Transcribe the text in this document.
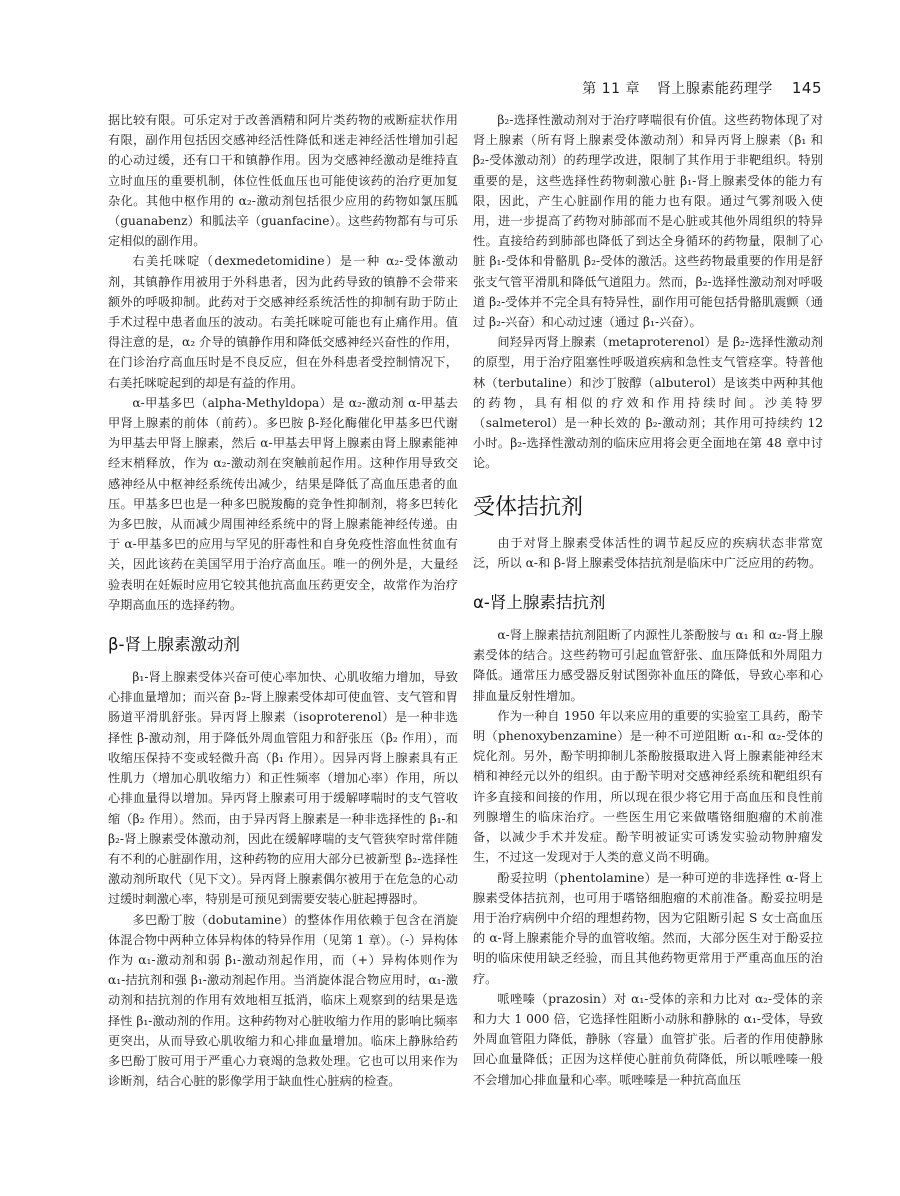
第 11 章 肾上腺素能药理学 145

据比较有限。可乐定对于改善酒精和阿片类药物的戒断症状作用有限，副作用包括因交感神经活性降低和迷走神经活性增加引起的心动过缓，还有口干和镇静作用。因为交感神经激动是维持直立时血压的重要机制，体位性低血压也可能使该药的治疗更加复杂化。其他中枢作用的 α₂-激动剂包括很少应用的药物如氯压胍（guanabenz）和胍法辛（guanfacine）。这些药物都有与可乐定相似的副作用。

右美托咪啶（dexmedetomidine）是一种 α₂-受体激动剂，其镇静作用被用于外科患者，因为此药导致的镇静不会带来额外的呼吸抑制。此药对于交感神经系统活性的抑制有助于防止手术过程中患者血压的波动。右美托咪啶可能也有止痛作用。值得注意的是，α₂ 介导的镇静作用和降低交感神经兴奋性的作用，在门诊治疗高血压时是不良反应，但在外科患者受控制情况下，右美托咪啶起到的却是有益的作用。

α-甲基多巴（alpha-Methyldopa）是 α₂-激动剂 α-甲基去甲肾上腺素的前体（前药）。多巴胺 β-羟化酶催化甲基多巴代谢为甲基去甲肾上腺素，然后 α-甲基去甲肾上腺素由肾上腺素能神经末梢释放，作为 α₂-激动剂在突触前起作用。这种作用导致交感神经从中枢神经系统传出减少，结果是降低了高血压患者的血压。甲基多巴也是一种多巴脱羧酶的竞争性抑制剂，将多巴转化为多巴胺，从而减少周围神经系统中的肾上腺素能神经传递。由于 α-甲基多巴的应用与罕见的肝毒性和自身免疫性溶血性贫血有关，因此该药在美国罕用于治疗高血压。唯一的例外是，大量经验表明在妊娠时应用它较其他抗高血压药更安全，故常作为治疗孕期高血压的选择药物。

β-肾上腺素激动剂

β₁-肾上腺素受体兴奋可使心率加快、心肌收缩力增加，导致心排血量增加；而兴奋 β₂-肾上腺素受体却可使血管、支气管和胃肠道平滑肌舒张。异丙肾上腺素（isoproterenol）是一种非选择性 β-激动剂，用于降低外周血管阻力和舒张压（β₂ 作用），而收缩压保持不变或轻微升高（β₁ 作用）。因异丙肾上腺素具有正性肌力（增加心肌收缩力）和正性频率（增加心率）作用，所以心排血量得以增加。异丙肾上腺素可用于缓解哮喘时的支气管收缩（β₂ 作用）。然而，由于异丙肾上腺素是一种非选择性的 β₁-和 β₂-肾上腺素受体激动剂，因此在缓解哮喘的支气管狭窄时常伴随有不利的心脏副作用，这种药物的应用大部分已被新型 β₂-选择性激动剂所取代（见下文）。异丙肾上腺素偶尔被用于在危急的心动过缓时刺激心率，特别是可预见到需要安装心脏起搏器时。

多巴酚丁胺（dobutamine）的整体作用依赖于包含在消旋体混合物中两种立体异构体的特异作用（见第 1 章）。（-）异构体作为 α₁-激动剂和弱 β₁-激动剂起作用，而（+）异构体则作为 α₁-拮抗剂和强 β₁-激动剂起作用。当消旋体混合物应用时，α₁-激动剂和拮抗剂的作用有效地相互抵消，临床上观察到的结果是选择性 β₁-激动剂的作用。这种药物对心脏收缩力作用的影响比频率更突出，从而导致心肌收缩力和心排血量增加。临床上静脉给药多巴酚丁胺可用于严重心力衰竭的急救处理。它也可以用来作为诊断剂，结合心脏的影像学用于缺血性心脏病的检查。

β₂-选择性激动剂对于治疗哮喘很有价值。这些药物体现了对肾上腺素（所有肾上腺素受体激动剂）和异丙肾上腺素（β₁ 和 β₂-受体激动剂）的药理学改进，限制了其作用于非靶组织。特别重要的是，这些选择性药物刺激心脏 β₁-肾上腺素受体的能力有限，因此，产生心脏副作用的能力也有限。通过气雾剂吸入使用，进一步提高了药物对肺部而不是心脏或其他外周组织的特异性。直接给药到肺部也降低了到达全身循环的药物量，限制了心脏 β₁-受体和骨骼肌 β₂-受体的激活。这些药物最重要的作用是舒张支气管平滑肌和降低气道阻力。然而，β₂-选择性激动剂对呼吸道 β₂-受体并不完全具有特异性，副作用可能包括骨骼肌震颤（通过 β₂-兴奋）和心动过速（通过 β₁-兴奋）。

间羟异丙肾上腺素（metaproterenol）是 β₂-选择性激动剂的原型，用于治疗阻塞性呼吸道疾病和急性支气管痉挛。特普他林（terbutaline）和沙丁胺醇（albuterol）是该类中两种其他的药物，具有相似的疗效和作用持续时间。沙美特罗（salmeterol）是一种长效的 β₂-激动剂；其作用可持续约 12 小时。β₂-选择性激动剂的临床应用将会更全面地在第 48 章中讨论。

受体拮抗剂

由于对肾上腺素受体活性的调节起反应的疾病状态非常宽泛，所以 α-和 β-肾上腺素受体拮抗剂是临床中广泛应用的药物。

α-肾上腺素拮抗剂

α-肾上腺素拮抗剂阻断了内源性儿茶酚胺与 α₁ 和 α₂-肾上腺素受体的结合。这些药物可引起血管舒张、血压降低和外周阻力降低。通常压力感受器反射试图弥补血压的降低，导致心率和心排血量反射性增加。

作为一种自 1950 年以来应用的重要的实验室工具药，酚苄明（phenoxybenzamine）是一种不可逆阻断 α₁-和 α₂-受体的烷化剂。另外，酚苄明抑制儿茶酚胺摄取进入肾上腺素能神经末梢和神经元以外的组织。由于酚苄明对交感神经系统和靶组织有许多直接和间接的作用，所以现在很少将它用于高血压和良性前列腺增生的临床治疗。一些医生用它来做嗜铬细胞瘤的术前准备，以减少手术并发症。酚苄明被证实可诱发实验动物肿瘤发生，不过这一发现对于人类的意义尚不明确。

酚妥拉明（phentolamine）是一种可逆的非选择性 α-肾上腺素受体拮抗剂，也可用于嗜铬细胞瘤的术前准备。酚妥拉明是用于治疗病例中介绍的理想药物，因为它阻断引起 S 女士高血压的 α-肾上腺素能介导的血管收缩。然而，大部分医生对于酚妥拉明的临床使用缺乏经验，而且其他药物更常用于严重高血压的治疗。

哌唑嗪（prazosin）对 α₁-受体的亲和力比对 α₂-受体的亲和力大 1 000 倍，它选择性阻断小动脉和静脉的 α₁-受体，导致外周血管阻力降低，静脉（容量）血管扩张。后者的作用使静脉回心血量降低；正因为这样使心脏前负荷降低，所以哌唑嗪一般不会增加心排血量和心率。哌唑嗪是一种抗高血压
